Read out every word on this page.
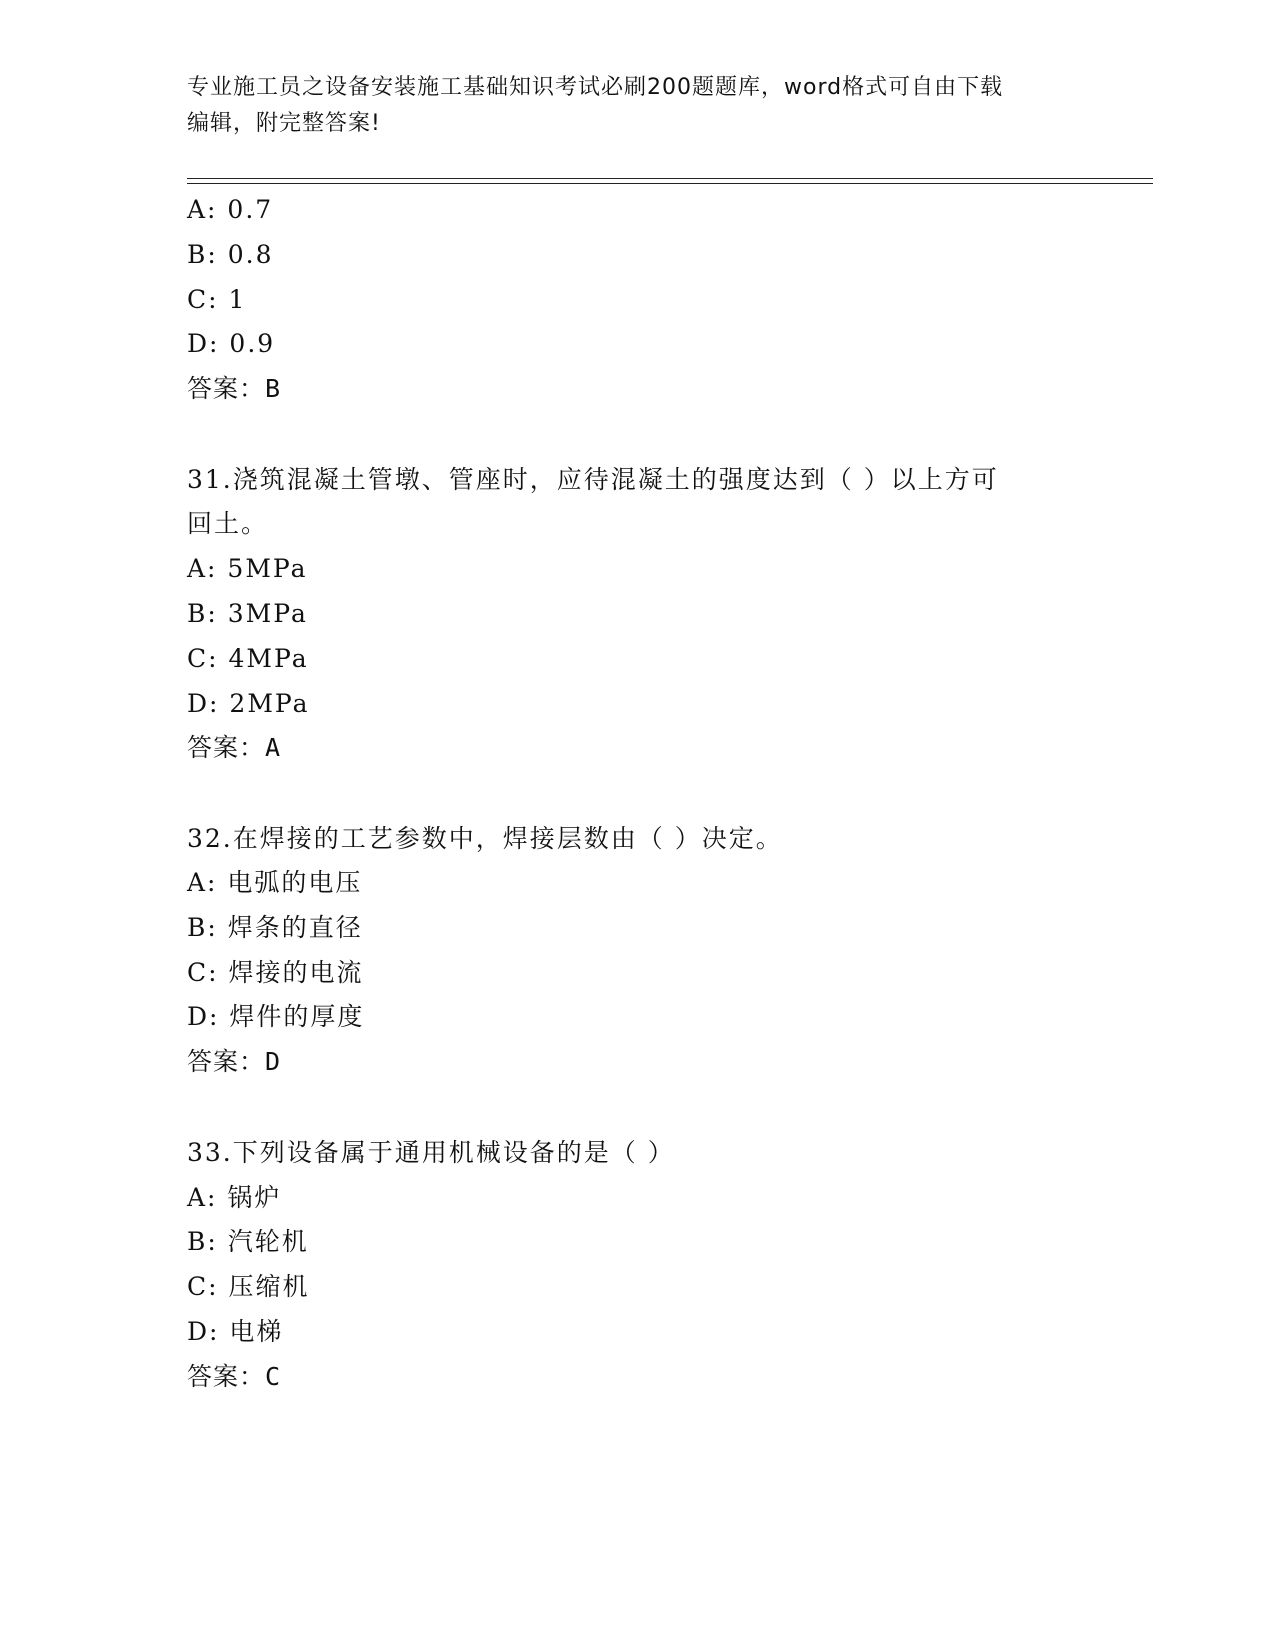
专业施工员之设备安装施工基础知识考试必刷200题题库，word格式可自由下载
编辑，附完整答案!
A: 0.7
B: 0.8
C: 1
D: 0.9
答案：B
31.浇筑混凝土管墩、管座时，应待混凝土的强度达到（ ）以上方可
回土。
A: 5MPa
B: 3MPa
C: 4MPa
D: 2MPa
答案：A
32.在焊接的工艺参数中，焊接层数由（ ）决定。
A: 电弧的电压
B: 焊条的直径
C: 焊接的电流
D: 焊件的厚度
答案：D
33.下列设备属于通用机械设备的是（ ）
A: 锅炉
B: 汽轮机
C: 压缩机
D: 电梯
答案：C
